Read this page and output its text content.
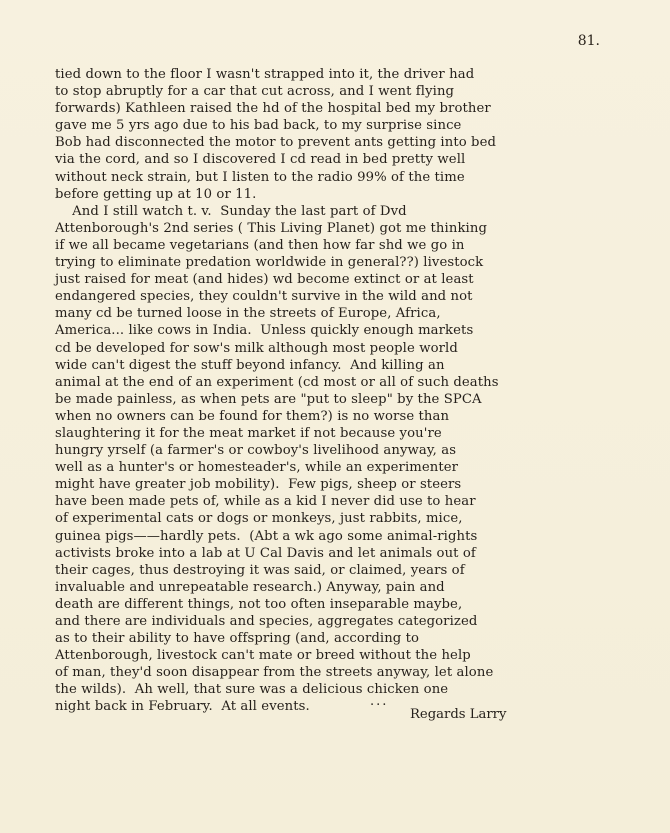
81.
tied down to the floor I wasn't strapped into it, the driver had
to stop abruptly for a car that cut across, and I went flying
forwards) Kathleen raised the hd of the hospital bed my brother
gave me 5 yrs ago due to his bad back, to my surprise since
Bob had disconnected the motor to prevent ants getting into bed
via the cord, and so I discovered I cd read in bed pretty well
without neck strain, but I listen to the radio 99% of the time
before getting up at 10 or 11.
And I still watch t. v.  Sunday the last part of Dvd
Attenborough's 2nd series ( This Living Planet) got me thinking
if we all became vegetarians (and then how far shd we go in
trying to eliminate predation worldwide in general??) livestock
just raised for meat (and hides) wd become extinct or at least
endangered species, they couldn't survive in the wild and not
many cd be turned loose in the streets of Europe, Africa,
America... like cows in India.  Unless quickly enough markets
cd be developed for sow's milk although most people world
wide can't digest the stuff beyond infancy.  And killing an
animal at the end of an experiment (cd most or all of such deaths
be made painless, as when pets are "put to sleep" by the SPCA
when no owners can be found for them?) is no worse than
slaughtering it for the meat market if not because you're
hungry yrself (a farmer's or cowboy's livelihood anyway, as
well as a hunter's or homesteader's, while an experimenter
might have greater job mobility).  Few pigs, sheep or steers
have been made pets of, while as a kid I never did use to hear
of experimental cats or dogs or monkeys, just rabbits, mice,
guinea pigs——hardly pets.  (Abt a wk ago some animal-rights
activists broke into a lab at U Cal Davis and let animals out of
their cages, thus destroying it was said, or claimed, years of
invaluable and unrepeatable research.) Anyway, pain and
death are different things, not too often inseparable maybe,
and there are individuals and species, aggregates categorized
as to their ability to have offspring (and, according to
Attenborough, livestock can't mate or breed without the help
of man, they'd soon disappear from the streets anyway, let alone
the wilds).  Ah well, that sure was a delicious chicken one
night back in February.  At all events.	...
Regards Larry
